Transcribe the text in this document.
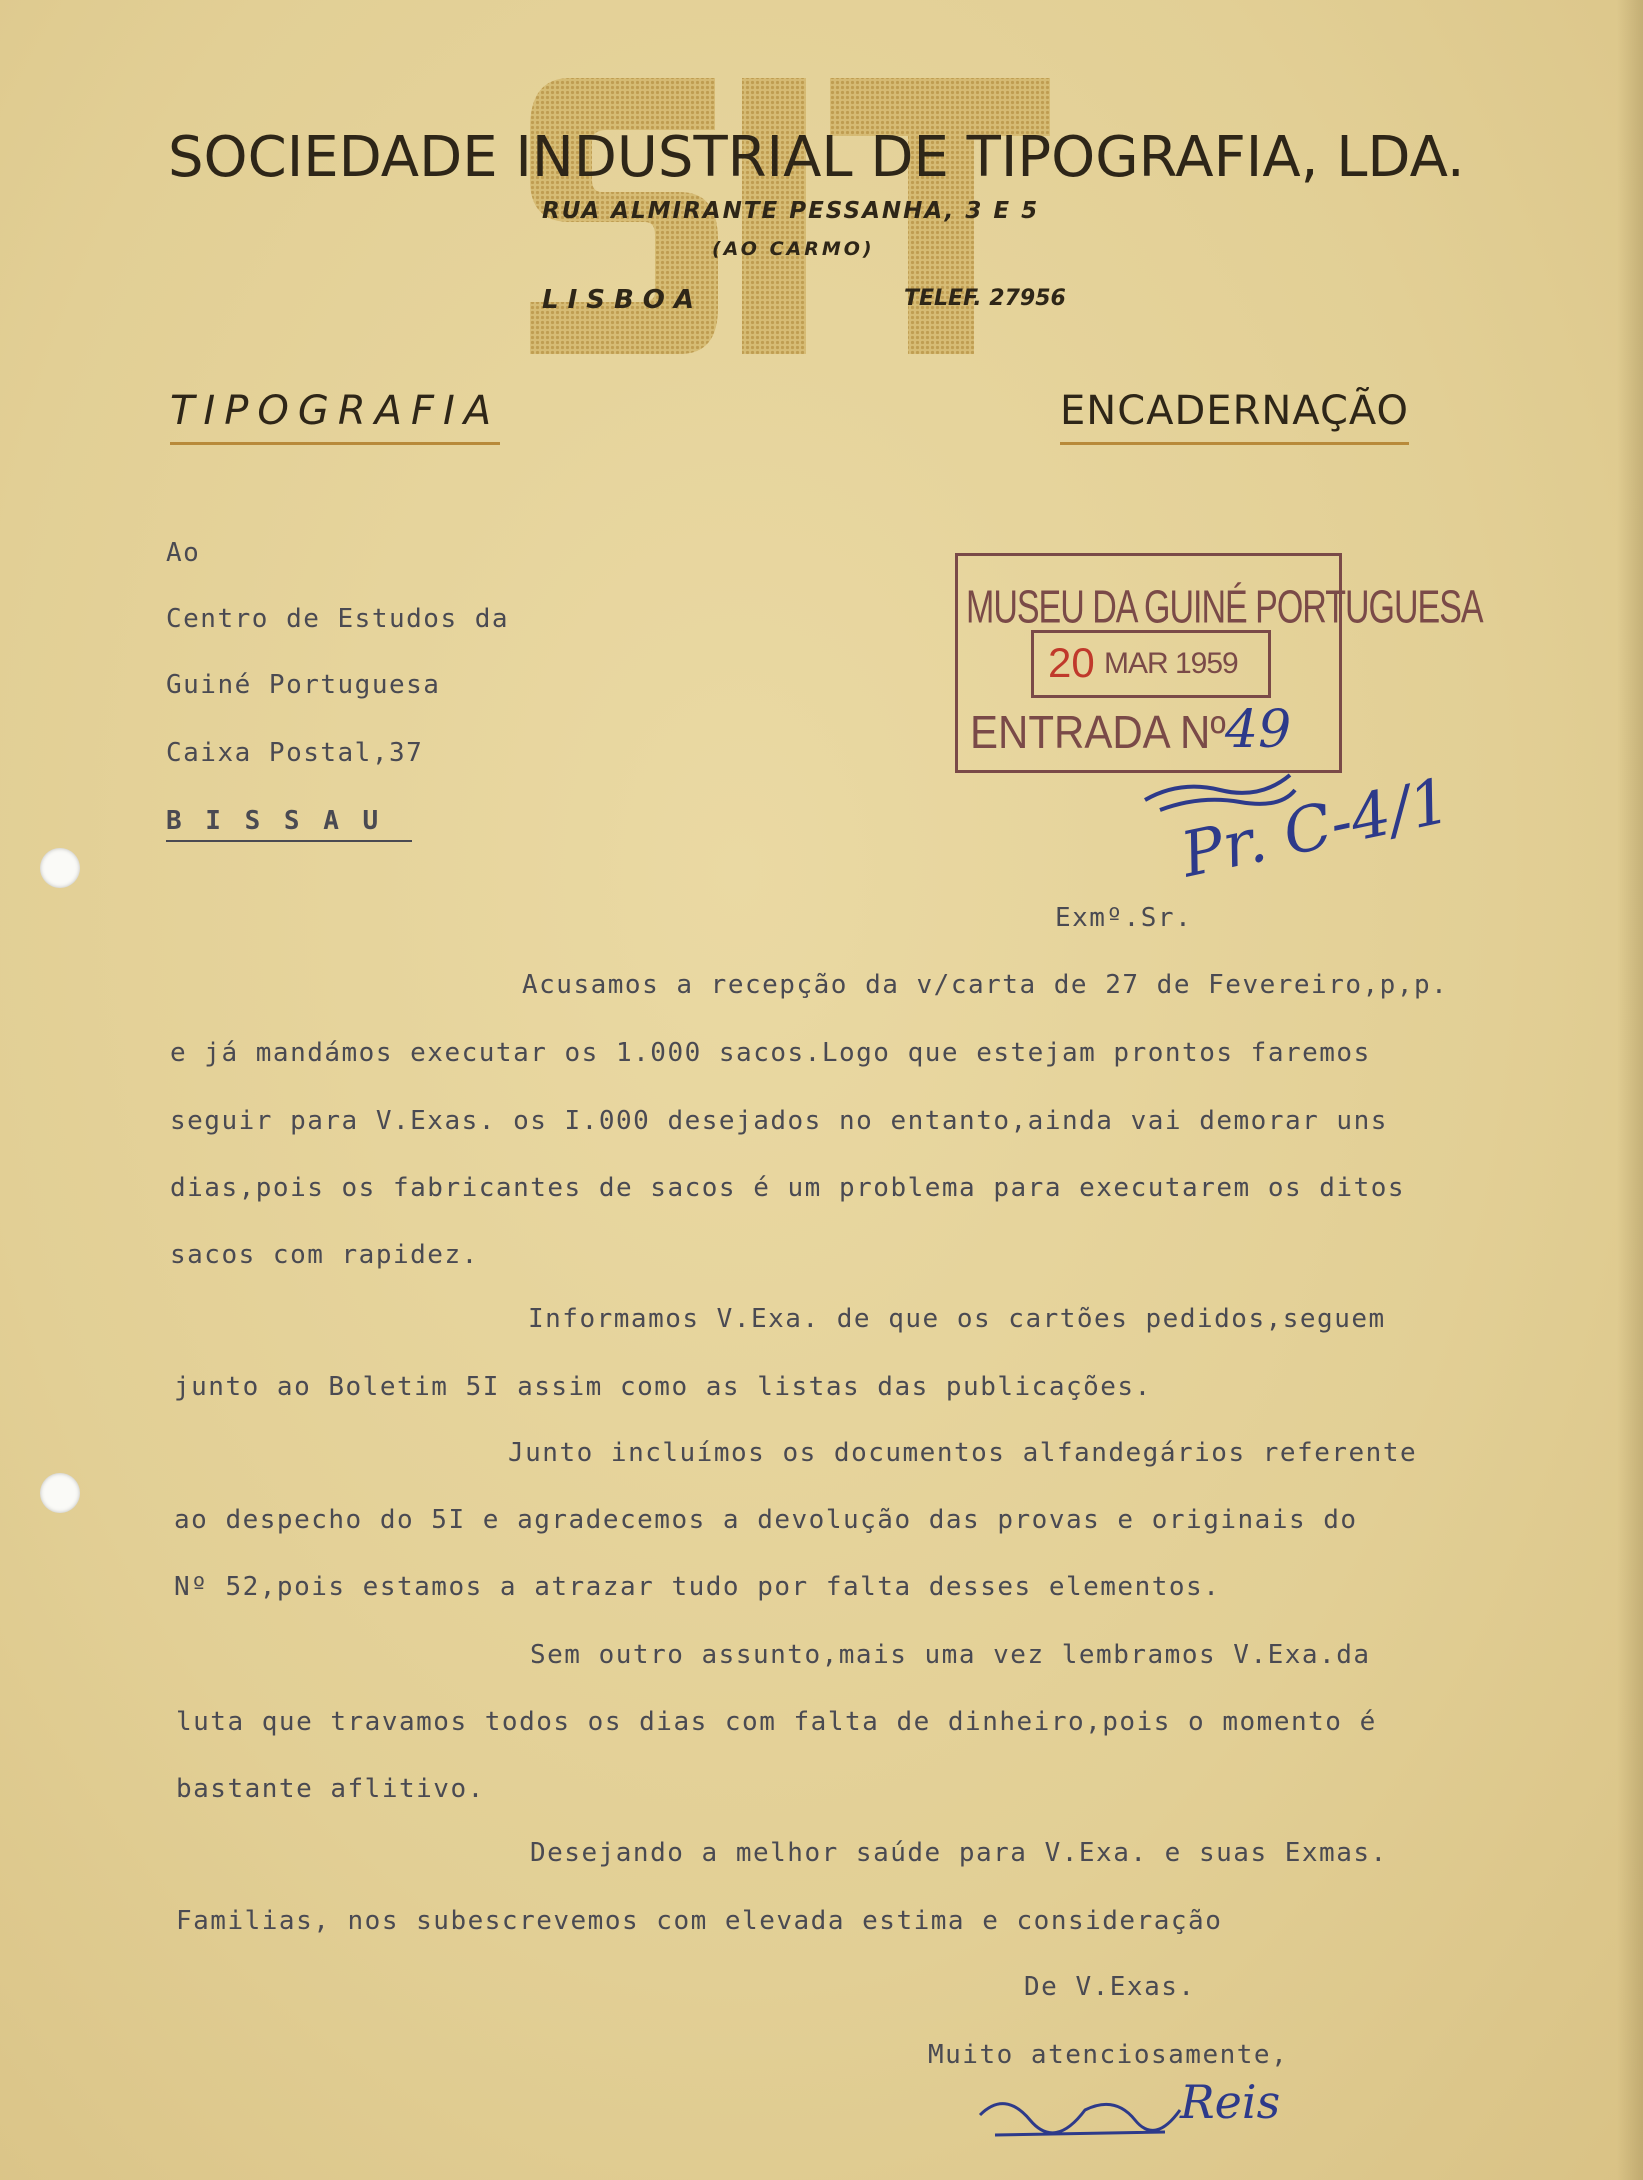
SOCIEDADE INDUSTRIAL DE TIPOGRAFIA, LDA.
RUA ALMIRANTE PESSANHA, 3 E 5
(AO CARMO)
LISBOA	TELEF. 27956
TIPOGRAFIA	ENCADERNAÇÃO
Ao
Centro de Estudos da
Guiné Portuguesa
Caixa Postal,37
B I S S A U
MUSEU DA GUINÉ PORTUGUESA
20 MAR 1959
ENTRADA Nº 49
Pr. C-4/1
Exmº.Sr.
Acusamos a recepção da v/carta de 27 de Fevereiro,p,p.
e já mandámos executar os 1.000 sacos.Logo que estejam prontos faremos
seguir para V.Exas. os I.000 desejados no entanto,ainda vai demorar uns
dias,pois os fabricantes de sacos é um problema para executarem os ditos
sacos com rapidez.
Informamos V.Exa. de que os cartões pedidos,seguem
junto ao Boletim 5I assim como as listas das publicações.
Junto incluímos os documentos alfandegários referente
ao despecho do 5I e agradecemos a devolução das provas e originais do
Nº 52,pois estamos a atrazar tudo por falta desses elementos.
Sem outro assunto,mais uma vez lembramos V.Exa.da
luta que travamos todos os dias com falta de dinheiro,pois o momento é
bastante aflitivo.
Desejando a melhor saúde para V.Exa. e suas Exmas.
Familias, nos subescrevemos com elevada estima e consideração
De V.Exas.
Muito atenciosamente,
Reis
